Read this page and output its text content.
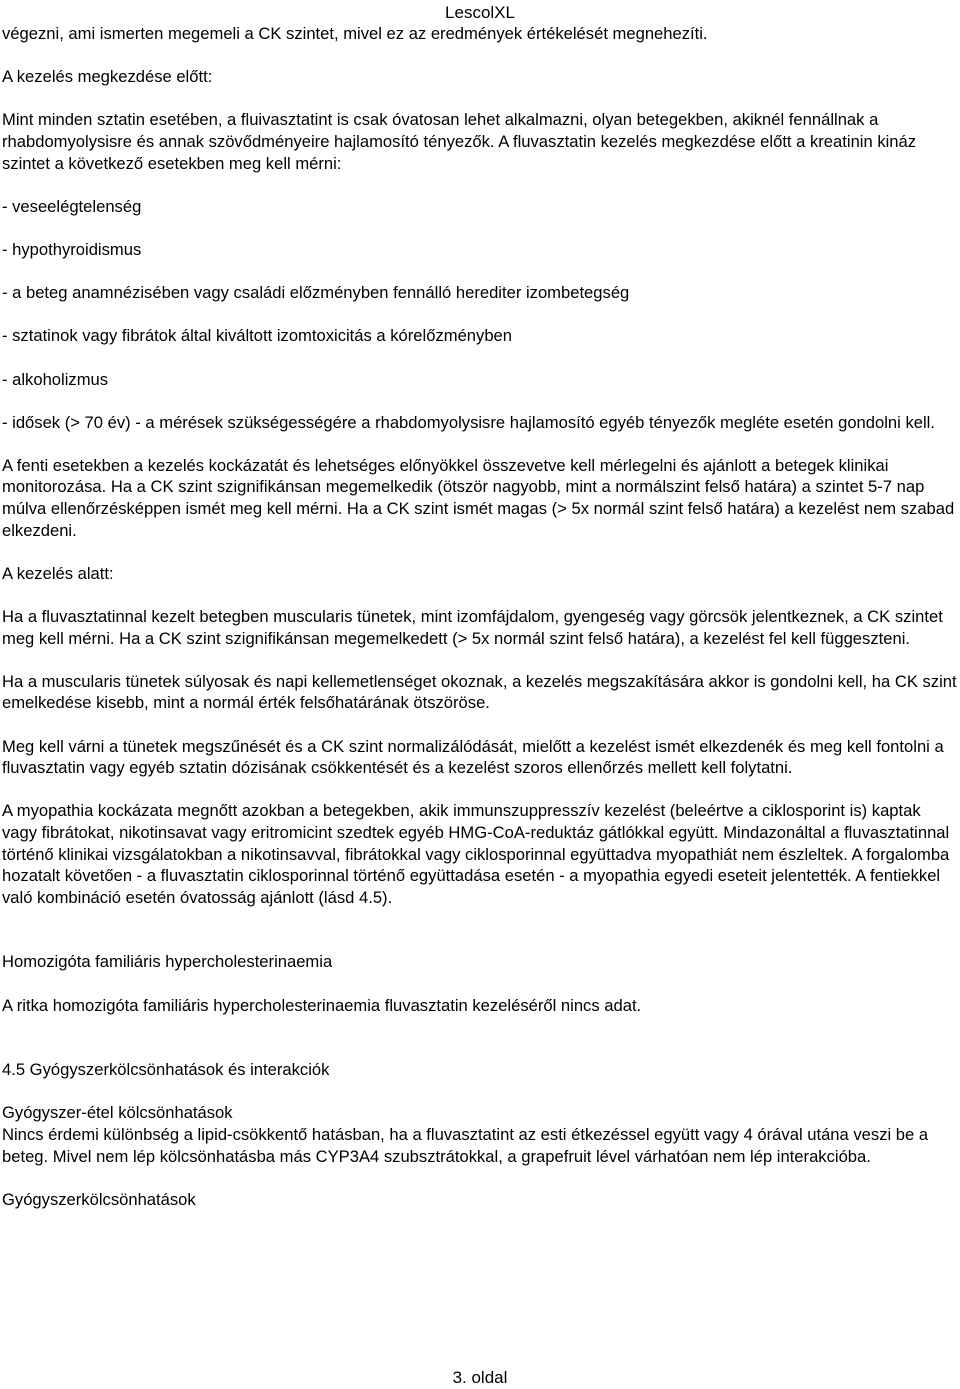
LescolXL

végezni, ami ismerten megemeli a CK szintet, mivel ez az eredmények értékelését megnehezíti.

A kezelés megkezdése előtt:

Mint minden sztatin esetében, a fluivasztatint is csak óvatosan lehet alkalmazni, olyan betegekben, akiknél fennállnak a rhabdomyolysisre és annak szövődményeire hajlamosító tényezők. A fluvasztatin kezelés megkezdése előtt a kreatinin kináz szintet a következő esetekben meg kell mérni:

- veseelégtelenség

- hypothyroidismus

- a beteg anamnézisében vagy családi előzményben fennálló herediter izombetegség

- sztatinok vagy fibrátok által kiváltott izomtoxicitás a kórelőzményben

- alkoholizmus

- idősek (> 70 év) - a mérések szükségességére a rhabdomyolysisre hajlamosító egyéb tényezők megléte esetén gondolni kell.

A fenti esetekben a kezelés kockázatát és lehetséges előnyökkel összevetve kell mérlegelni és ajánlott a betegek klinikai monitorozása. Ha a CK szint szignifikánsan megemelkedik (ötször nagyobb, mint a normálszint felső határa) a szintet 5-7 nap múlva ellenőrzésképpen ismét meg kell mérni. Ha a CK szint ismét magas (> 5x normál szint felső határa) a kezelést nem szabad elkezdeni.

A kezelés alatt:

Ha a fluvasztatinnal kezelt betegben muscularis tünetek, mint izomfájdalom, gyengeség vagy görcsök jelentkeznek, a CK szintet meg kell mérni. Ha a CK szint szignifikánsan megemelkedett (> 5x normál szint felső határa), a kezelést fel kell függeszteni.

Ha a muscularis tünetek súlyosak és napi kellemetlenséget okoznak, a kezelés megszakítására akkor is gondolni kell, ha CK szint emelkedése kisebb, mint a normál érték felsőhatárának ötszöröse.

Meg kell várni a tünetek megszűnését és a CK szint normalizálódását, mielőtt a kezelést ismét elkezdenék és meg kell fontolni a fluvasztatin vagy egyéb sztatin dózisának csökkentését és a kezelést szoros ellenőrzés mellett kell folytatni.

A myopathia kockázata megnőtt azokban a betegekben, akik immunszuppresszív kezelést (beleértve a ciklosporint is) kaptak vagy fibrátokat, nikotinsavat vagy eritromicint szedtek egyéb HMG-CoA-reduktáz gátlókkal együtt. Mindazonáltal a fluvasztatinnal történő klinikai vizsgálatokban a nikotinsavval, fibrátokkal vagy ciklosporinnal együttadva myopathiát nem észleltek. A forgalomba hozatalt követően - a fluvasztatin ciklosporinnal történő együttadása esetén - a myopathia egyedi eseteit jelentették. A fentiekkel való kombináció esetén óvatosság ajánlott (lásd 4.5).

Homozigóta familiáris hypercholesterinaemia

A ritka homozigóta familiáris hypercholesterinaemia fluvasztatin kezeléséről nincs adat.

4.5 Gyógyszerkölcsönhatások és interakciók

Gyógyszer-étel kölcsönhatások

Nincs érdemi különbség a lipid-csökkentő hatásban, ha a fluvasztatint az esti étkezéssel együtt vagy 4 órával utána veszi be a beteg. Mivel nem lép kölcsönhatásba más CYP3A4 szubsztrátokkal, a grapefruit lével várhatóan nem lép interakcióba.

Gyógyszerkölcsönhatások

3. oldal
